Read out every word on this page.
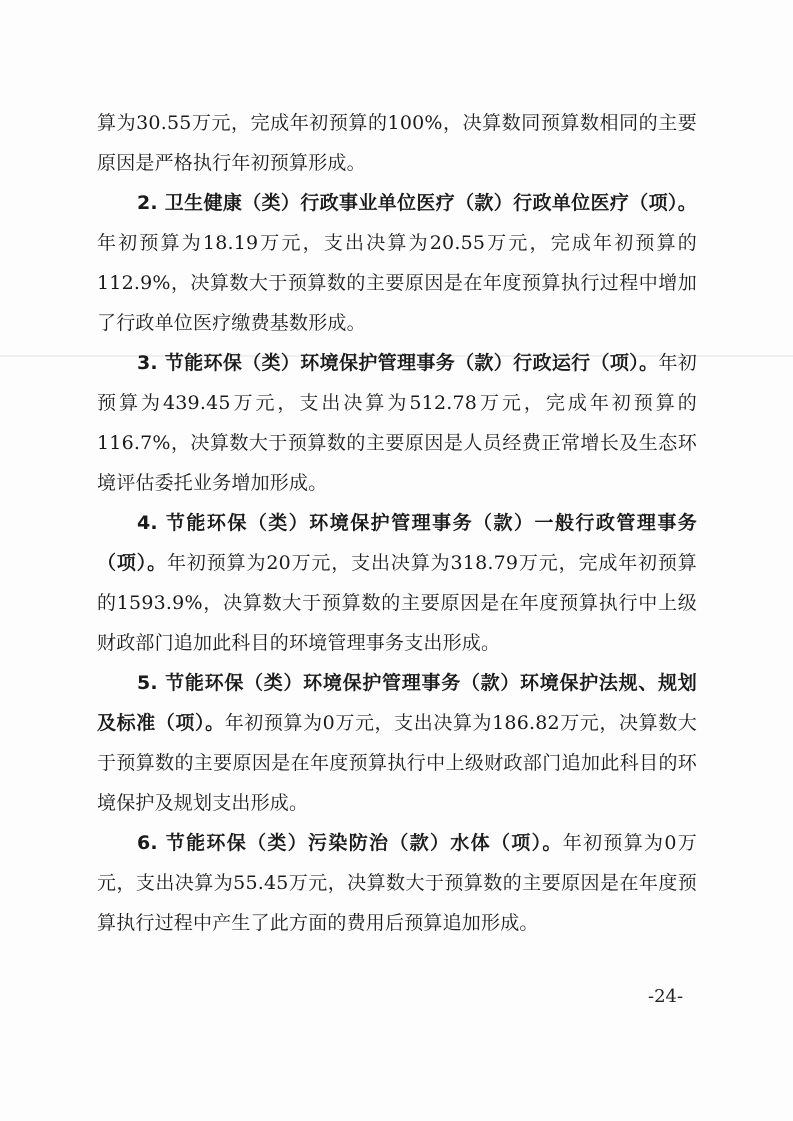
算为30.55万元，完成年初预算的100%，决算数同预算数相同的主要原因是严格执行年初预算形成。

2. 卫生健康（类）行政事业单位医疗（款）行政单位医疗（项）。年初预算为18.19万元，支出决算为20.55万元，完成年初预算的112.9%，决算数大于预算数的主要原因是在年度预算执行过程中增加了行政单位医疗缴费基数形成。

3. 节能环保（类）环境保护管理事务（款）行政运行（项）。年初预算为439.45万元，支出决算为512.78万元，完成年初预算的116.7%，决算数大于预算数的主要原因是人员经费正常增长及生态环境评估委托业务增加形成。

4. 节能环保（类）环境保护管理事务（款）一般行政管理事务（项）。年初预算为20万元，支出决算为318.79万元，完成年初预算的1593.9%，决算数大于预算数的主要原因是在年度预算执行中上级财政部门追加此科目的环境管理事务支出形成。

5. 节能环保（类）环境保护管理事务（款）环境保护法规、规划及标准（项）。年初预算为0万元，支出决算为186.82万元，决算数大于预算数的主要原因是在年度预算执行中上级财政部门追加此科目的环境保护及规划支出形成。

6. 节能环保（类）污染防治（款）水体（项）。年初预算为0万元，支出决算为55.45万元，决算数大于预算数的主要原因是在年度预算执行过程中产生了此方面的费用后预算追加形成。

-24-
